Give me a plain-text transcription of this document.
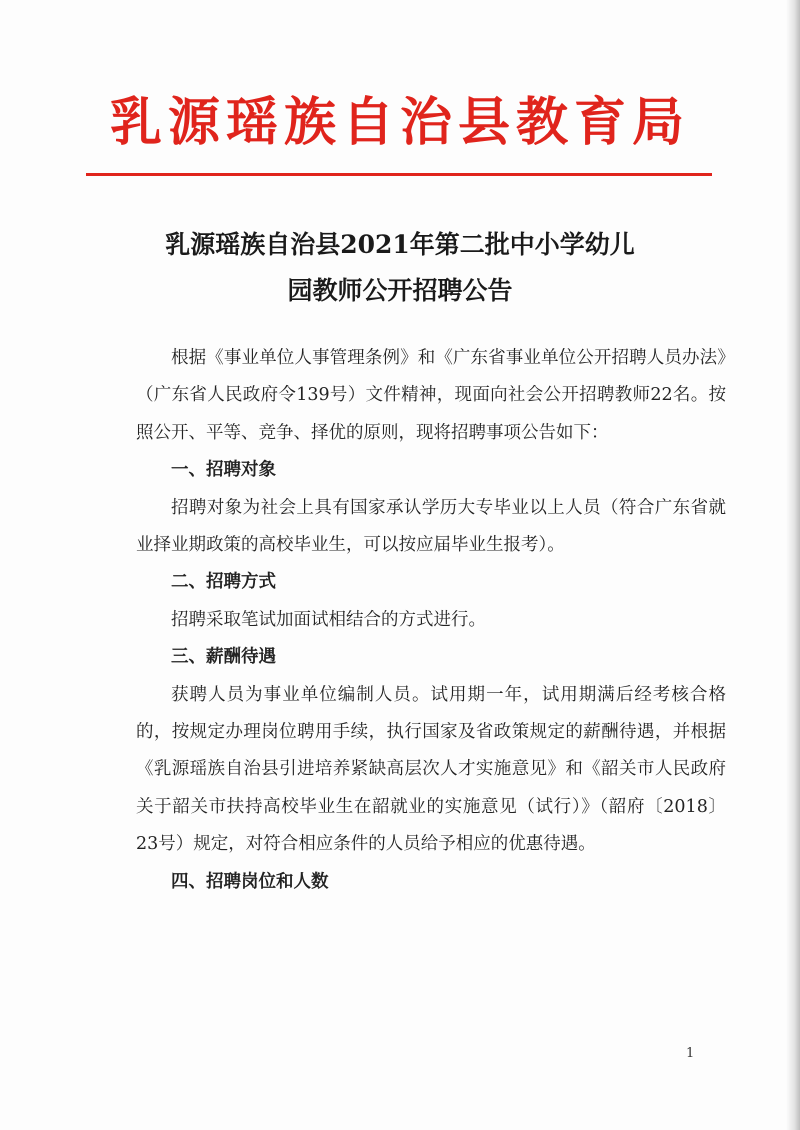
乳源瑶族自治县教育局
乳源瑶族自治县2021年第二批中小学幼儿
园教师公开招聘公告

根据《事业单位人事管理条例》和《广东省事业单位公开招聘人员办法》（广东省人民政府令139号）文件精神，现面向社会公开招聘教师22名。按照公开、平等、竞争、择优的原则，现将招聘事项公告如下：

一、招聘对象

招聘对象为社会上具有国家承认学历大专毕业以上人员（符合广东省就业择业期政策的高校毕业生，可以按应届毕业生报考）。

二、招聘方式

招聘采取笔试加面试相结合的方式进行。

三、薪酬待遇

获聘人员为事业单位编制人员。试用期一年，试用期满后经考核合格的，按规定办理岗位聘用手续，执行国家及省政策规定的薪酬待遇，并根据《乳源瑶族自治县引进培养紧缺高层次人才实施意见》和《韶关市人民政府关于韶关市扶持高校毕业生在韶就业的实施意见（试行）》（韶府〔2018〕23号）规定，对符合相应条件的人员给予相应的优惠待遇。

四、招聘岗位和人数

1
